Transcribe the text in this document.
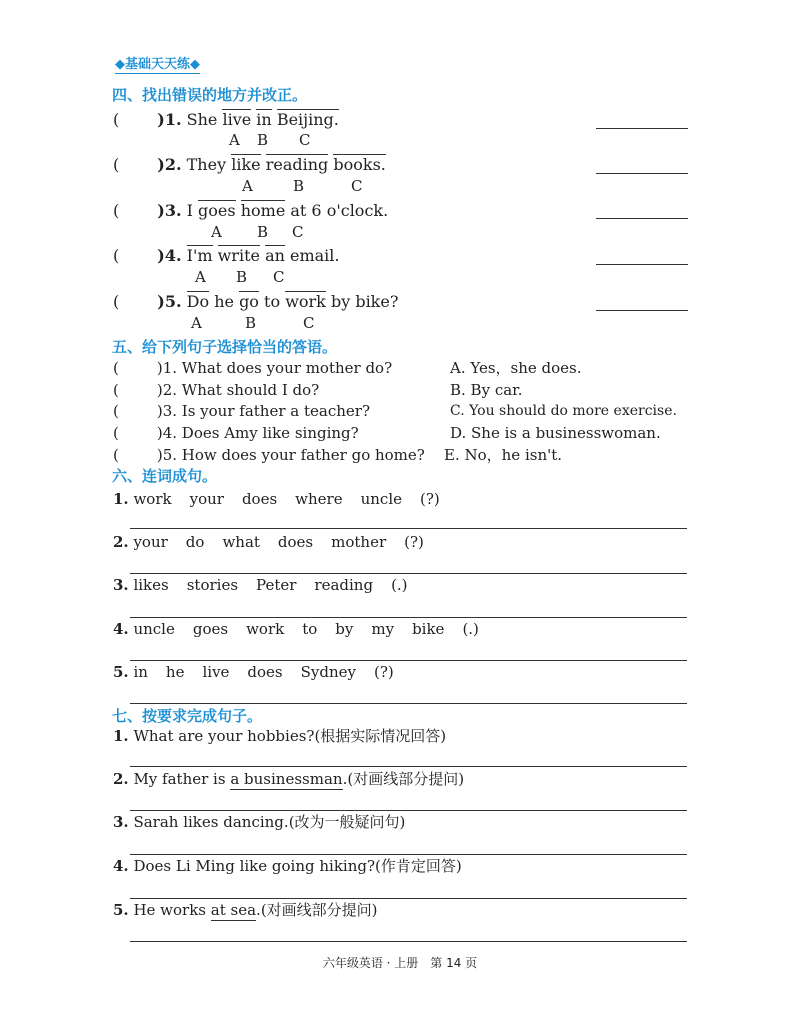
◆基础天天练◆
四、找出错误的地方并改正。
( )1. She live in Beijing.
A B C
( )2. They like reading books.
A	B	C
( )3. I goes home at 6 o'clock.
A B C
( )4. I'm write an email.
A B C
( )5. Do he go to work by bike?
A	B	C
五、给下列句子选择恰当的答语。
(	)1. What does your mother do?	A. Yes，she does.
(	)2. What should I do?	B. By car.
(	)3. Is your father a teacher?	C. You should do more exercise.
(	)4. Does Amy like singing?	D. She is a businesswoman.
(	)5. How does your father go home? E. No，he isn't.
六、连词成句。
1. work your does where uncle (?)
2. your do what does mother (?)
3. likes stories Peter reading (.)
4. uncle goes work to by my bike (.)
5. in he live does Sydney (?)
七、按要求完成句子。
1. What are your hobbies?(根据实际情况回答)
2. My father is a businessman.(对画线部分提问)
3. Sarah likes dancing.(改为一般疑问句)
4. Does Li Ming like going hiking?(作肯定回答)
5. He works at sea.(对画线部分提问)
六年级英语 · 上册　第 14 页
